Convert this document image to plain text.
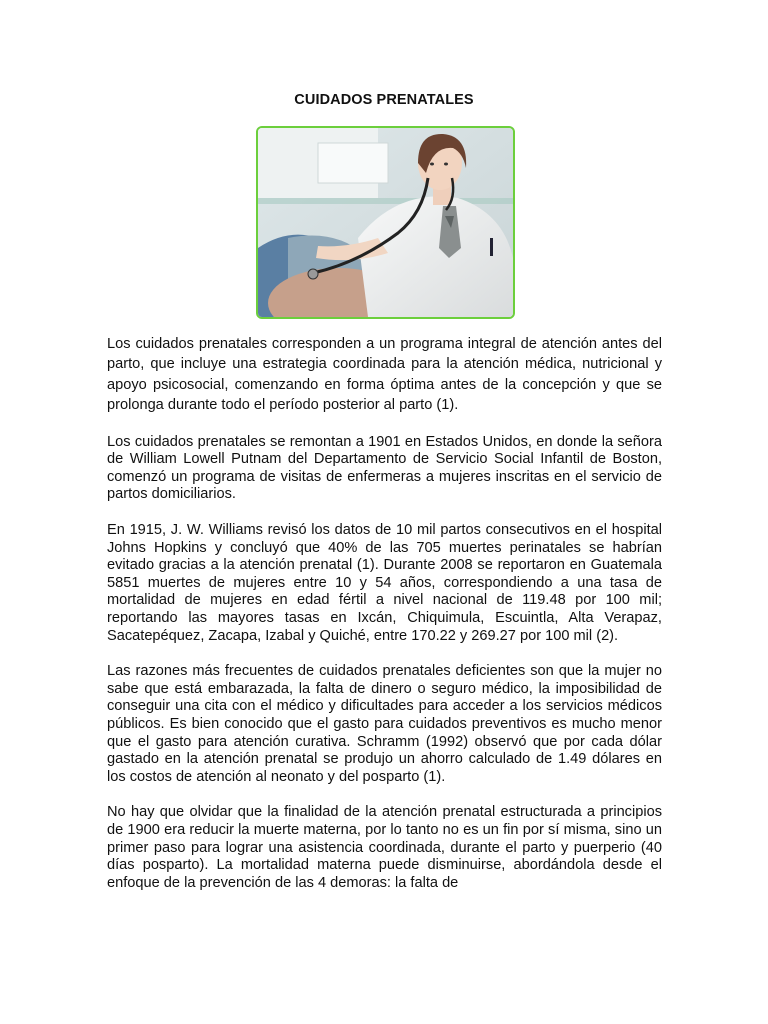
CUIDADOS PRENATALES

Los cuidados prenatales corresponden a un programa integral de atención antes del parto, que incluye una estrategia coordinada para la atención médica, nutricional y apoyo psicosocial, comenzando en forma óptima antes de la concepción y que se prolonga durante todo el período posterior al parto (1).

Los cuidados prenatales se remontan a 1901 en Estados Unidos, en donde la señora de William Lowell Putnam del Departamento de Servicio Social Infantil de Boston, comenzó un programa de visitas de enfermeras a mujeres inscritas en el servicio de partos domiciliarios.

En 1915, J. W. Williams revisó los datos de 10 mil partos consecutivos en el hospital Johns Hopkins y concluyó que 40% de las 705 muertes perinatales se habrían evitado gracias a la atención prenatal (1). Durante 2008 se reportaron en Guatemala 5851 muertes de mujeres entre 10 y 54 años, correspondiendo a una tasa de mortalidad de mujeres en edad fértil a nivel nacional de 119.48 por 100 mil; reportando las mayores tasas en Ixcán, Chiquimula, Escuintla, Alta Verapaz, Sacatepéquez, Zacapa, Izabal y Quiché, entre 170.22 y 269.27 por 100 mil (2).

Las razones más frecuentes de cuidados prenatales deficientes son que la mujer no sabe que está embarazada, la falta de dinero o seguro médico, la imposibilidad de conseguir una cita con el médico y dificultades para acceder a los servicios médicos públicos. Es bien conocido que el gasto para cuidados preventivos es mucho menor que el gasto para atención curativa. Schramm (1992) observó que por cada dólar gastado en la atención prenatal se produjo un ahorro calculado de 1.49 dólares en los costos de atención al neonato y del posparto (1).

No hay que olvidar que la finalidad de la atención prenatal estructurada a principios de 1900 era reducir la muerte materna, por lo tanto no es un fin por sí misma, sino un primer paso para lograr una asistencia coordinada, durante el parto y puerperio (40 días posparto). La mortalidad materna puede disminuirse, abordándola desde el enfoque de la prevención de las 4 demoras: la falta de
